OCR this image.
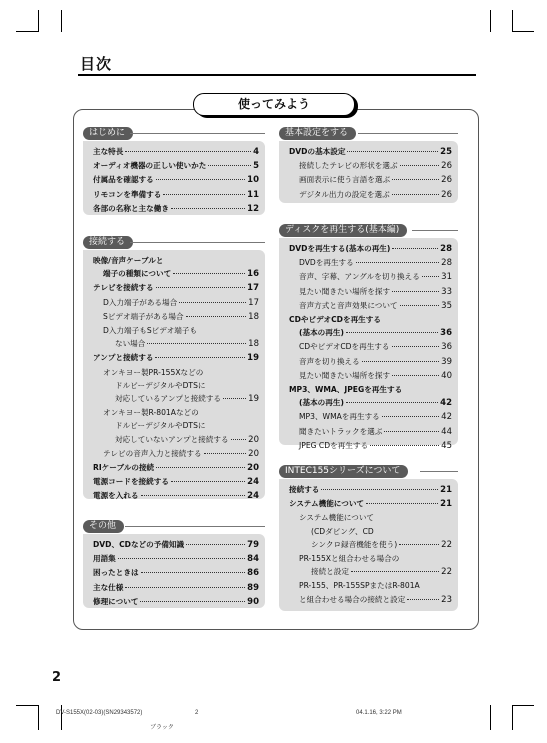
目次
使ってみよう
はじめに
主な特長	4
オーディオ機器の正しい使いかた	5
付属品を確認する	10
リモコンを準備する	11
各部の名称と主な働き	12
接続する
映像/音声ケーブルと
端子の種類について	16
テレビを接続する	17
D入力端子がある場合	17
Sビデオ端子がある場合	18
D入力端子もSビデオ端子も
ない場合	18
アンプと接続する	19
オンキヨー製PR-155Xなどの
ドルビーデジタルやDTSに
対応しているアンプと接続する	19
オンキヨー製R-801Aなどの
ドルビーデジタルやDTSに
対応していないアンプと接続する 20
テレビの音声入力と接続する	20
RIケーブルの接続	20
電源コードを接続する	24
電源を入れる	24
その他
DVD、CDなどの予備知識	79
用語集	84
困ったときは	86
主な仕様	89
修理について	90
基本設定をする
DVDの基本設定	25
接続したテレビの形状を選ぶ	26
画面表示に使う言語を選ぶ	26
デジタル出力の設定を選ぶ	26
ディスクを再生する(基本編)
DVDを再生する(基本の再生)	28
DVDを再生する	28
音声、字幕、アングルを切り換える	31
見たい聞きたい場所を探す	33
音声方式と音声効果について	35
CDやビデオCDを再生する
(基本の再生)	36
CDやビデオCDを再生する	36
音声を切り換える	39
見たい聞きたい場所を探す	40
MP3、WMA、JPEGを再生する
(基本の再生)	42
MP3、WMAを再生する	42
聞きたいトラックを選ぶ	44
JPEG CDを再生する	45
INTEC155シリーズについて
接続する	21
システム機能について	21
システム機能について
(CDダビング、CD
シンクロ録音機能を使う)	22
PR-155Xと組合わせる場合の
接続と設定	22
PR-155、PR-155SPまたはR-801A
と組合わせる場合の接続と設定	23
2
DV-S155X(02-03)(SN29343572)	2	04.1.16, 3:22 PM
ブラック
